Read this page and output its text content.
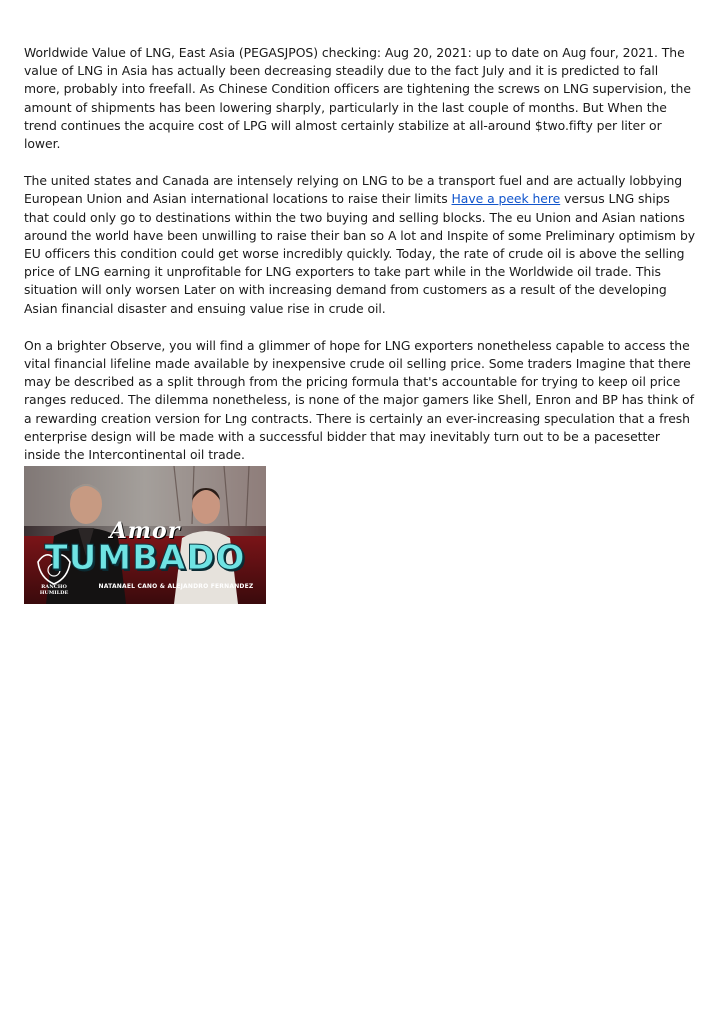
Worldwide Value of LNG, East Asia (PEGASJPOS) checking: Aug 20, 2021: up to date on Aug four, 2021. The value of LNG in Asia has actually been decreasing steadily due to the fact July and it is predicted to fall more, probably into freefall. As Chinese Condition officers are tightening the screws on LNG supervision, the amount of shipments has been lowering sharply, particularly in the last couple of months. But When the trend continues the acquire cost of LPG will almost certainly stabilize at all-around $two.fifty per liter or lower.

The united states and Canada are intensely relying on LNG to be a transport fuel and are actually lobbying European Union and Asian international locations to raise their limits Have a peek here versus LNG ships that could only go to destinations within the two buying and selling blocks. The eu Union and Asian nations around the world have been unwilling to raise their ban so A lot and Inspite of some Preliminary optimism by EU officers this condition could get worse incredibly quickly. Today, the rate of crude oil is above the selling price of LNG earning it unprofitable for LNG exporters to take part while in the Worldwide oil trade. This situation will only worsen Later on with increasing demand from customers as a result of the developing Asian financial disaster and ensuing value rise in crude oil.

On a brighter Observe, you will find a glimmer of hope for LNG exporters nonetheless capable to access the vital financial lifeline made available by inexpensive crude oil selling price. Some traders Imagine that there may be described as a split through from the pricing formula that's accountable for trying to keep oil price ranges reduced. The dilemma nonetheless, is none of the major gamers like Shell, Enron and BP has think of a rewarding creation version for Lng contracts. There is certainly an ever-increasing speculation that a fresh enterprise design will be made with a successful bidder that may inevitably turn out to be a pacesetter inside the Intercontinental oil trade.

Amor
TUMBADO
NATANAEL CANO & ALEJANDRO FERNANDEZ
RANCHO HUMILDE
